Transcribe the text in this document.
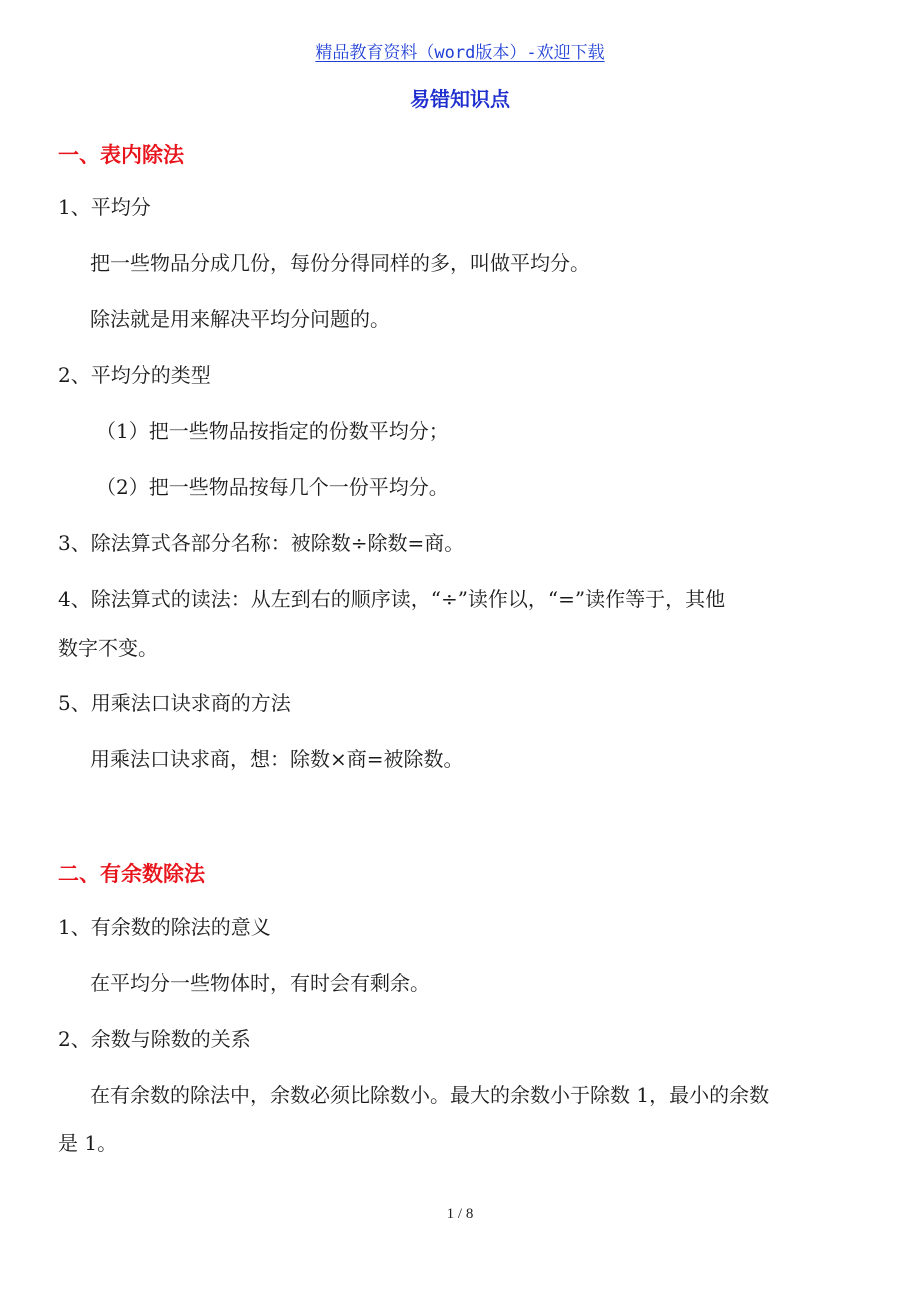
精品教育资料（word版本）-欢迎下载
易错知识点
一、表内除法
1、平均分
把一些物品分成几份，每份分得同样的多，叫做平均分。
除法就是用来解决平均分问题的。
2、平均分的类型
（1）把一些物品按指定的份数平均分；
（2）把一些物品按每几个一份平均分。
3、除法算式各部分名称：被除数÷除数=商。
4、除法算式的读法：从左到右的顺序读，“÷”读作以，“=”读作等于，其他
数字不变。
5、用乘法口诀求商的方法
用乘法口诀求商，想：除数×商=被除数。
二、有余数除法
1、有余数的除法的意义
在平均分一些物体时，有时会有剩余。
2、余数与除数的关系
在有余数的除法中，余数必须比除数小。最大的余数小于除数 1，最小的余数
是 1。
1 / 8
